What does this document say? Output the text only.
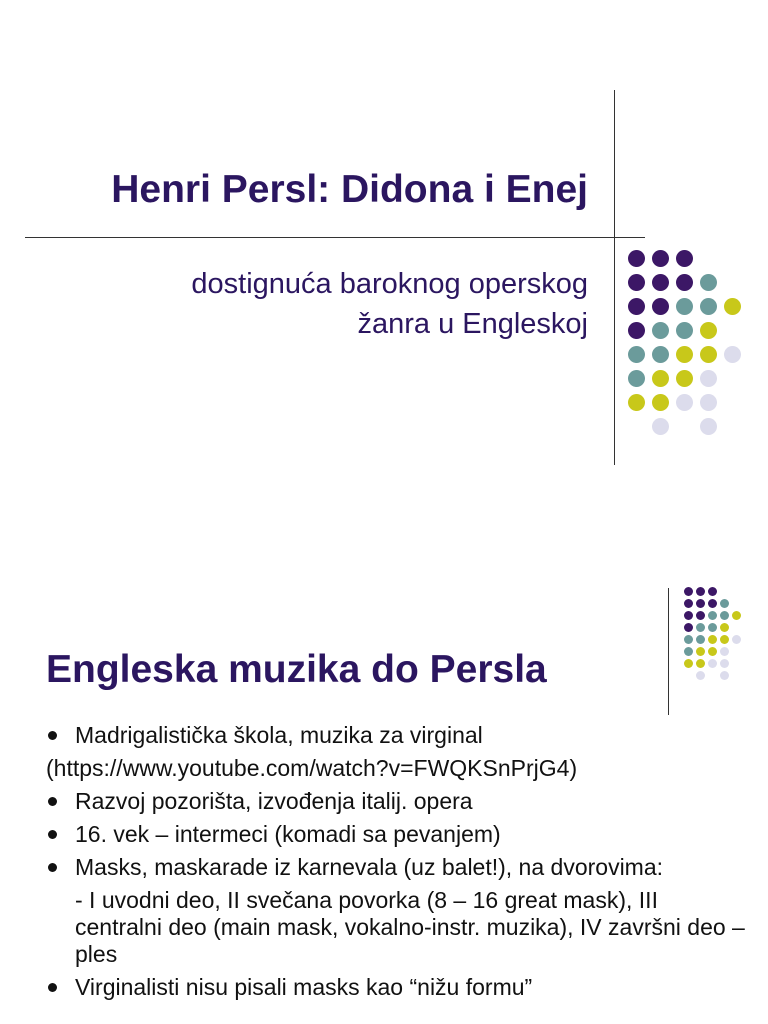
Henri Persl: Didona i Enej
dostignuća baroknog operskog
žanra u Engleskoj
Engleska muzika do Persla
Madrigalistička škola, muzika za virginal
(https://www.youtube.com/watch?v=FWQKSnPrjG4)
Razvoj pozorišta, izvođenja italij. opera
16. vek – intermeci (komadi sa pevanjem)
Masks, maskarade iz karnevala (uz balet!), na dvorovima:
- I uvodni deo, II svečana povorka (8 – 16 great mask), III centralni deo (main mask, vokalno-instr. muzika), IV završni deo – ples
Virginalisti nisu pisali masks kao “nižu formu”
